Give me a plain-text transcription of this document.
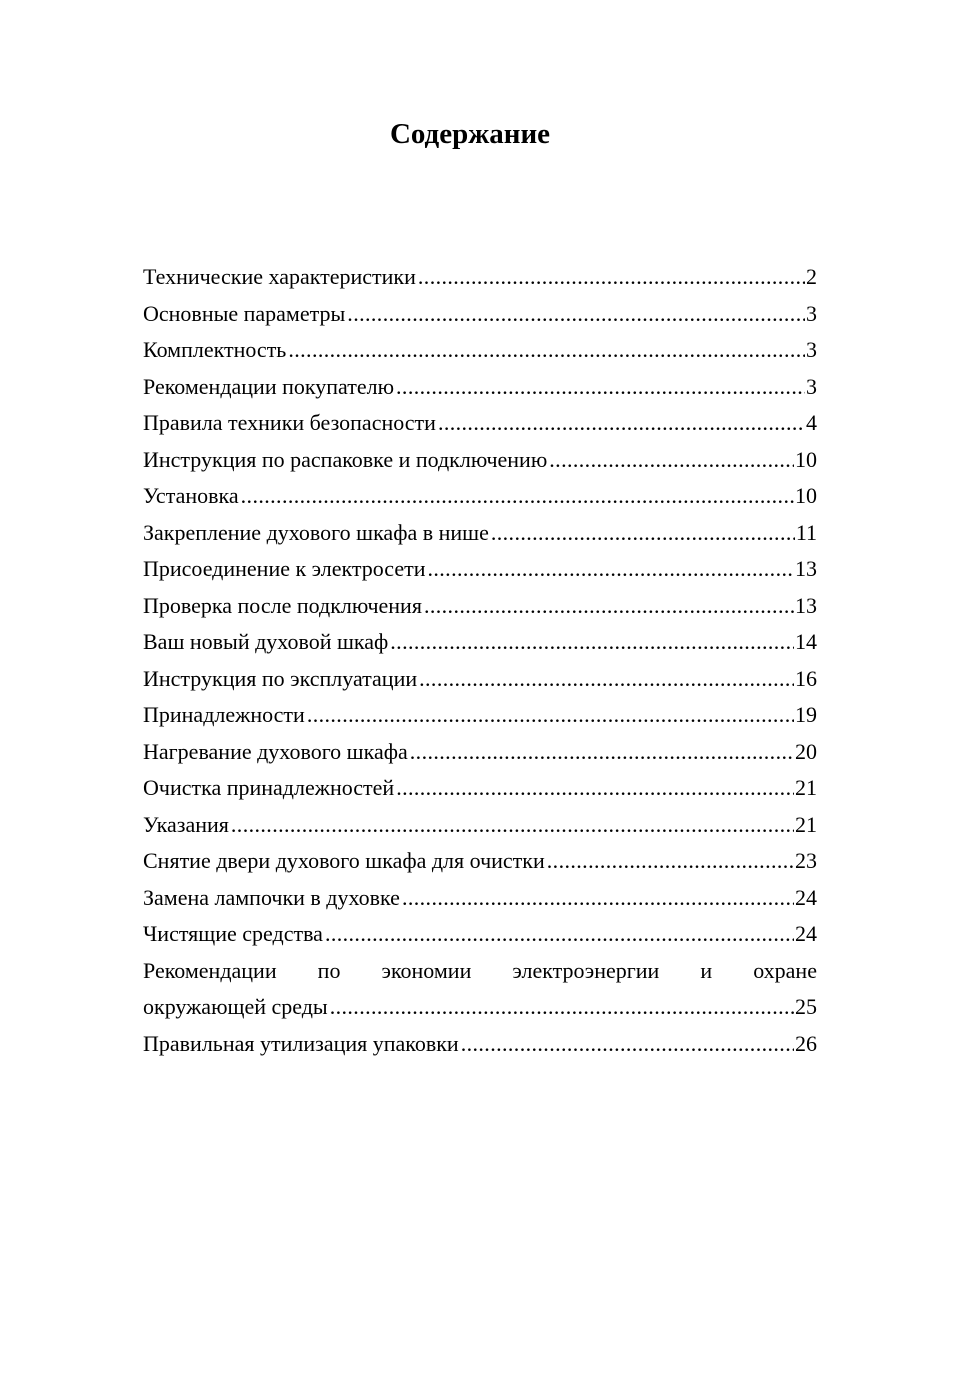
Содержание
Технические характеристики .....	2
Основные параметры .....	3
Комплектность .....	3
Рекомендации покупателю .....	3
Правила техники безопасности .....	4
Инструкция по распаковке и подключению .....	10
Установка .....	10
Закрепление духового шкафа в нише .....	11
Присоединение к электросети .....	13
Проверка после подключения .....	13
Ваш новый духовой шкаф .....	14
Инструкция по эксплуатации .....	16
Принадлежности .....	19
Нагревание духового шкафа .....	20
Очистка принадлежностей .....	21
Указания .....	21
Снятие двери духового шкафа для очистки .....	23
Замена лампочки в духовке .....	24
Чистящие средства .....	24
Рекомендации по экономии электроэнергии и охране
окружающей среды .....	25
Правильная утилизация упаковки .....	26
